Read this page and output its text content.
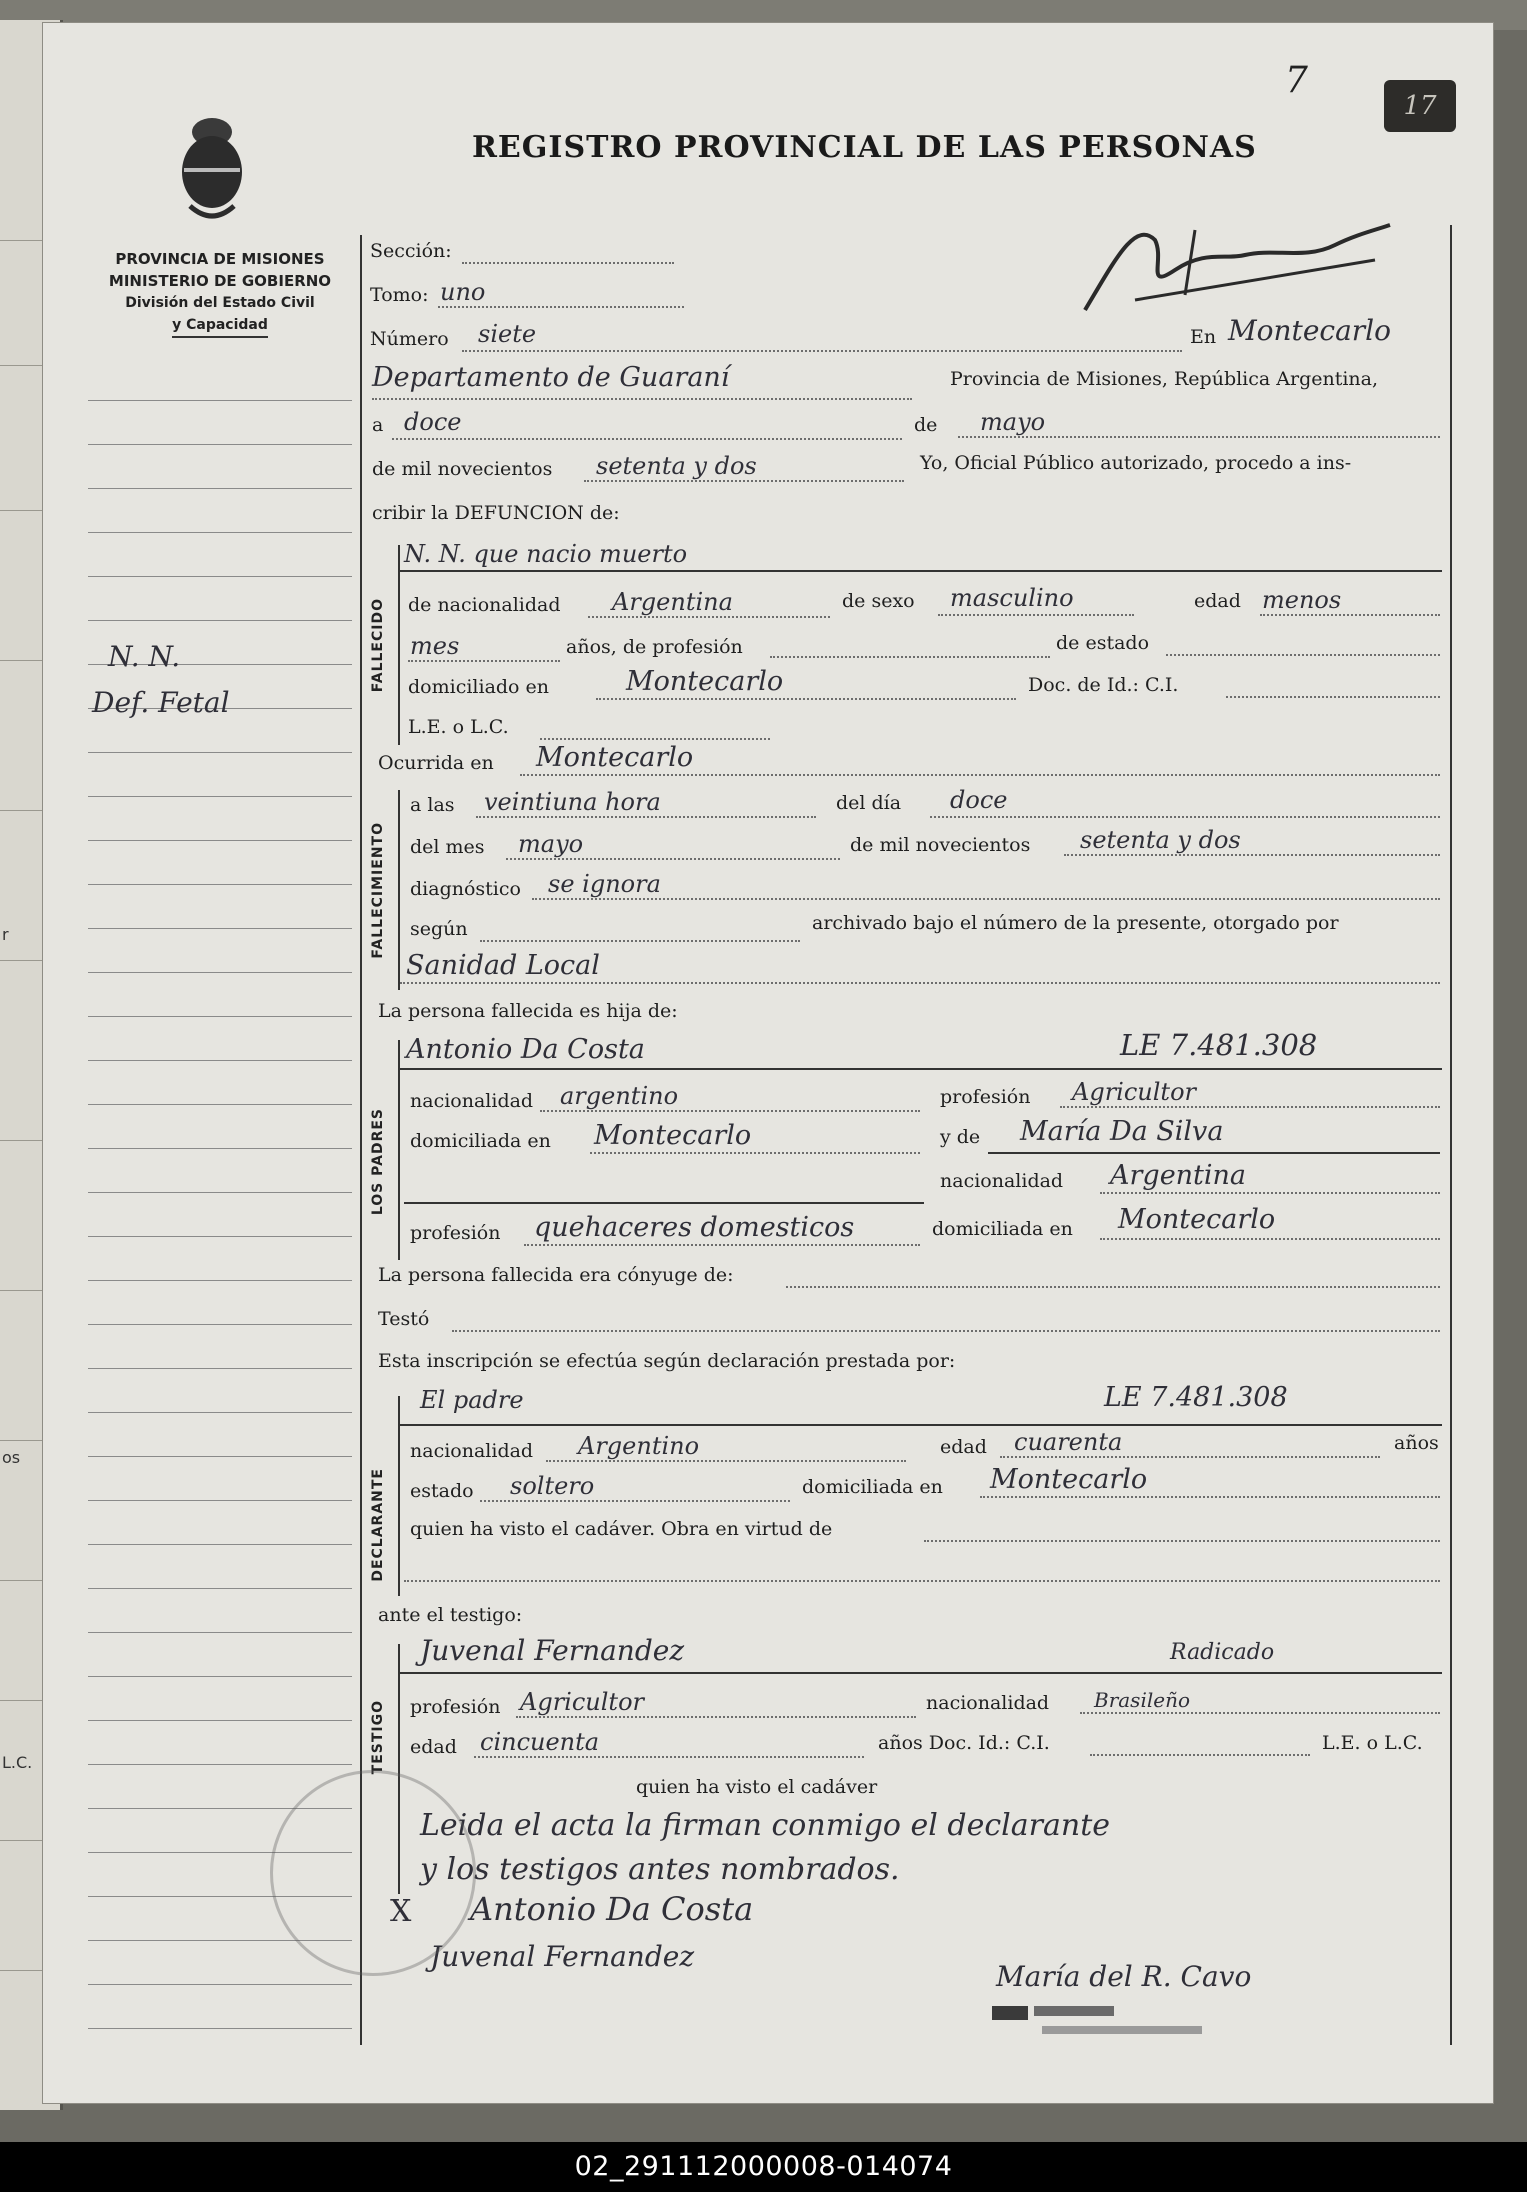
r
os
L.C.
7
17
REGISTRO PROVINCIAL DE LAS PERSONAS
PROVINCIA DE MISIONES
MINISTERIO DE GOBIERNO
División del Estado Civil
y Capacidad
N. N.
Def. Fetal
Sección:
Tomo: uno
Número siete	En Montecarlo
Departamento de Guaraní	Provincia de Misiones, República Argentina,
a doce	de mayo
de mil novecientos setenta y dos	Yo, Oficial Público autorizado, procedo a ins-
cribir la DEFUNCION de:
FALLECIDO
N. N. que nacio muerto
de nacionalidad Argentina	de sexo masculino	edad menos
mes	años, de profesión	de estado
domiciliado en	Montecarlo	Doc. de Id.: C.I.
L.E. o L.C.
Ocurrida en Montecarlo
FALLECIMIENTO
a las veintiuna hora	del día doce
del mes mayo	de mil novecientos setenta y dos
diagnóstico se ignora
según	archivado bajo el número de la presente, otorgado por
Sanidad Local
La persona fallecida es hija de:
LOS PADRES
Antonio Da Costa	LE 7.481.308
nacionalidad argentino	profesión Agricultor
domiciliada en Montecarlo	y de María Da Silva
nacionalidad Argentina
profesión quehaceres domesticos	domiciliada en Montecarlo
La persona fallecida era cónyuge de:
Testó
Esta inscripción se efectúa según declaración prestada por:
DECLARANTE
El padre	LE 7.481.308
nacionalidad Argentino	edad cuarenta	años
estado soltero	domiciliada en Montecarlo
quien ha visto el cadáver. Obra en virtud de
ante el testigo:
TESTIGO
Juvenal Fernandez	Radicado
profesión Agricultor	nacionalidad Brasileño
edad cincuenta	años Doc. Id.: C.I.	L.E. o L.C.
quien ha visto el cadáver
Leida el acta la firman conmigo el declarante
y los testigos antes nombrados.
X Antonio Da Costa
Juvenal Fernandez
María del R. Cavo
02_291112000008-014074
